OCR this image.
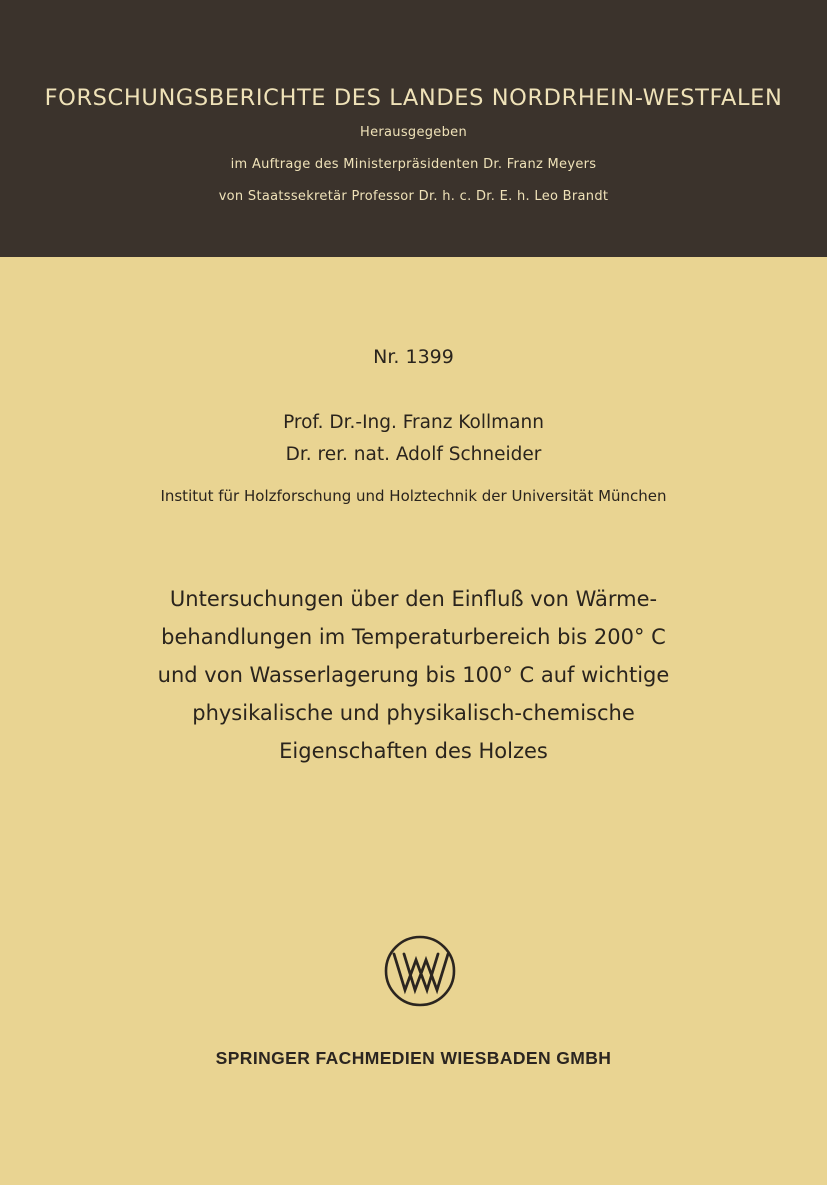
FORSCHUNGSBERICHTE DES LANDES NORDRHEIN-WESTFALEN
Herausgegeben
im Auftrage des Ministerpräsidenten Dr. Franz Meyers
von Staatssekretär Professor Dr. h. c. Dr. E. h. Leo Brandt
Nr. 1399
Prof. Dr.-Ing. Franz Kollmann
Dr. rer. nat. Adolf Schneider
Institut für Holzforschung und Holztechnik der Universität München
Untersuchungen über den Einfluß von Wärme-
behandlungen im Temperaturbereich bis 200° C
und von Wasserlagerung bis 100° C auf wichtige
physikalische und physikalisch-chemische
Eigenschaften des Holzes
SPRINGER FACHMEDIEN WIESBADEN GMBH
